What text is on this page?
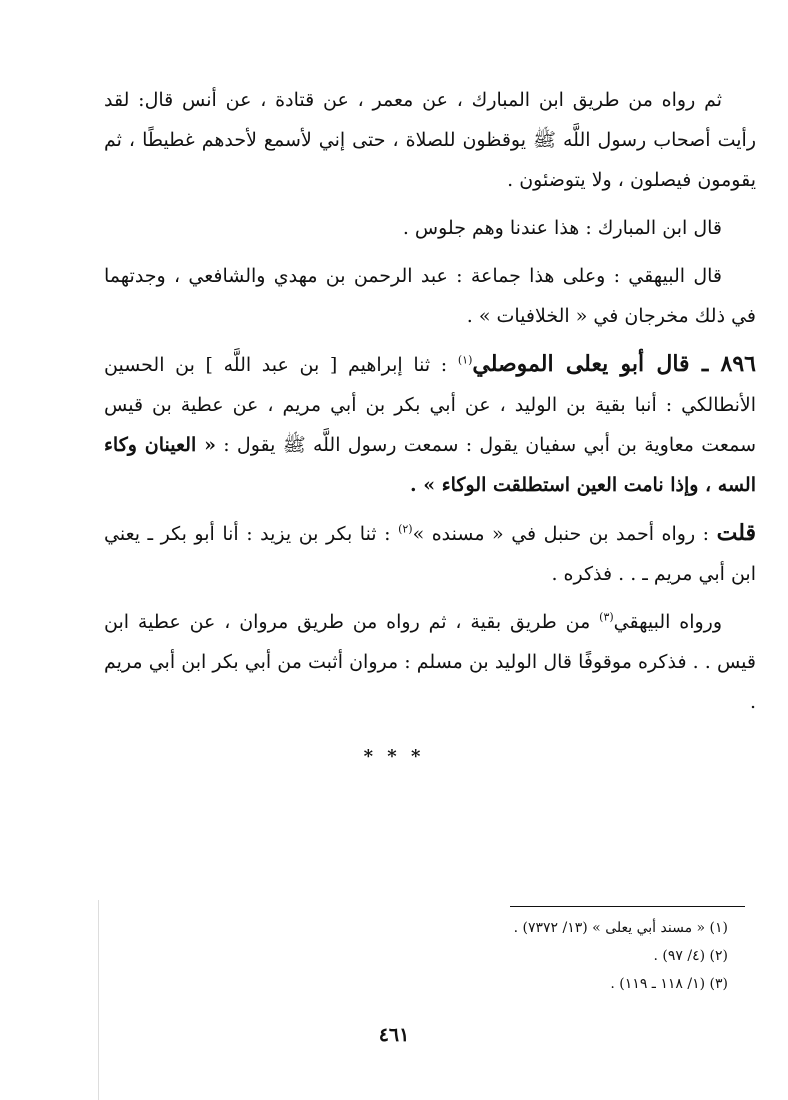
ثم رواه من طريق ابن المبارك ، عن معمر ، عن قتادة ، عن أنس قال: لقد رأيت أصحاب رسول اللَّه ﷺ يوقظون للصلاة ، حتى إني لأسمع لأحدهم غطيطًا ، ثم يقومون فيصلون ، ولا يتوضئون .

قال ابن المبارك : هذا عندنا وهم جلوس .

قال البيهقي : وعلى هذا جماعة : عبد الرحمن بن مهدي والشافعي ، وجدتهما في ذلك مخرجان في « الخلافيات » .

٨٩٦ ـ قال أبو يعلى الموصلي$^{(١)}$ : ثنا إبراهيم [ بن عبد اللَّه ] بن الحسين الأنطالكي : أنبا بقية بن الوليد ، عن أبي بكر بن أبي مريم ، عن عطية بن قيس سمعت معاوية بن أبي سفيان يقول : سمعت رسول اللَّه ﷺ يقول : « العينان وكاء السه ، وإذا نامت العين استطلقت الوكاء » .

قلت : رواه أحمد بن حنبل في « مسنده »$^{(٢)}$ : ثنا بكر بن يزيد : أنا أبو بكر ـ يعني ابن أبي مريم ـ . . فذكره .

ورواه البيهقي$^{(٣)}$ من طريق بقية ، ثم رواه من طريق مروان ، عن عطية ابن قيس . . فذكره موقوفًا قال الوليد بن مسلم : مروان أثبت من أبي بكر ابن أبي مريم .

* * *
(١) « مسند أبي يعلى » (١٣/ ٧٣٧٢) .
(٢) (٤/ ٩٧) .
(٣) (١/ ١١٨ ـ ١١٩) .
٤٦١
